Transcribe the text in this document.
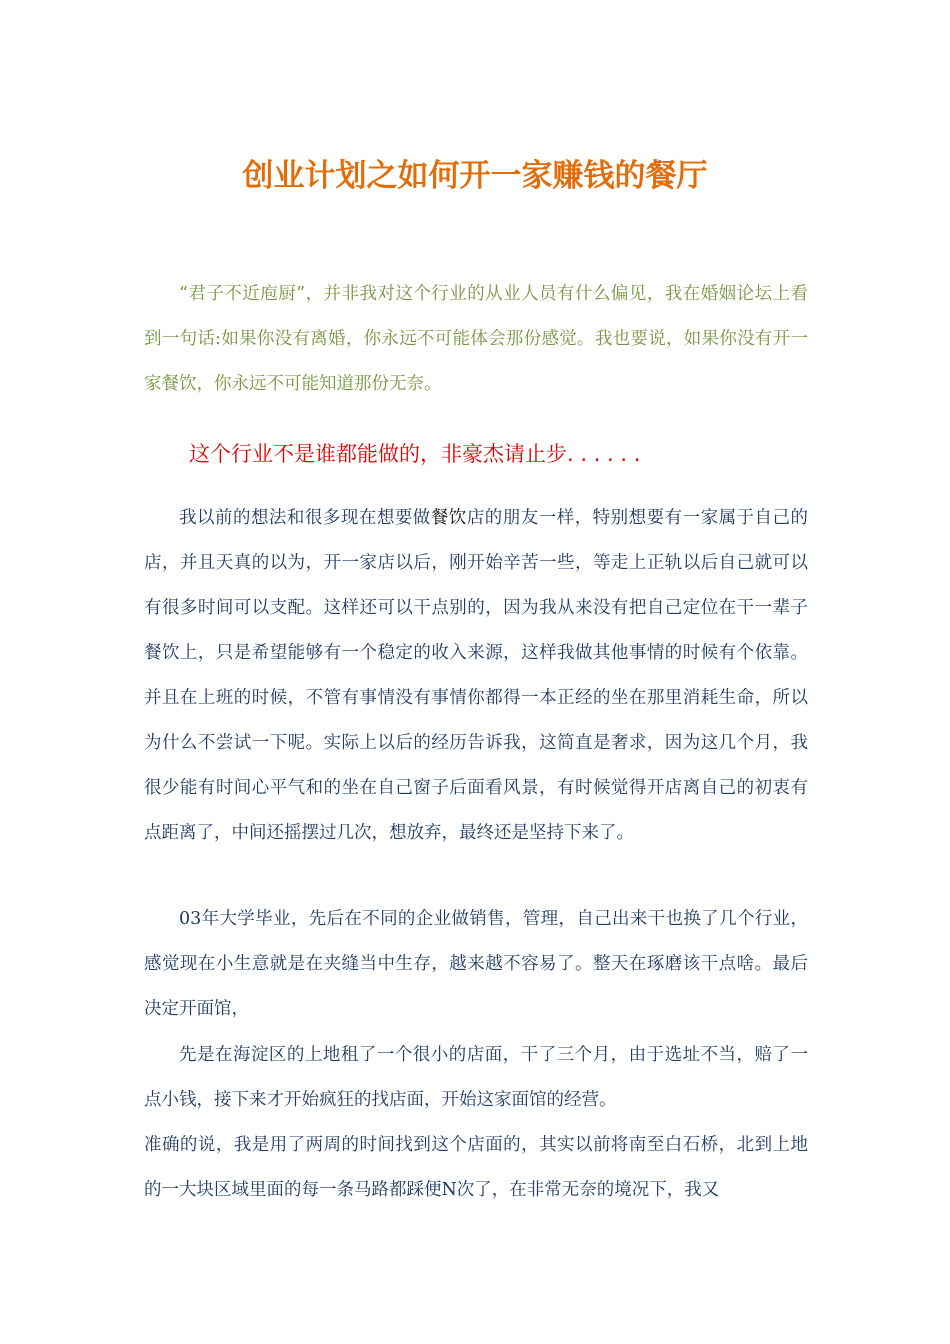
创业计划之如何开一家赚钱的餐厅

“君子不近庖厨”，并非我对这个行业的从业人员有什么偏见，我在婚姻论坛上看到一句话:如果你没有离婚，你永远不可能体会那份感觉。我也要说，如果你没有开一家餐饮，你永远不可能知道那份无奈。

这个行业不是谁都能做的，非豪杰请止步. . . . . .

我以前的想法和很多现在想要做餐饮店的朋友一样，特别想要有一家属于自己的店，并且天真的以为，开一家店以后，刚开始辛苦一些，等走上正轨以后自己就可以有很多时间可以支配。这样还可以干点别的，因为我从来没有把自己定位在干一辈子餐饮上，只是希望能够有一个稳定的收入来源，这样我做其他事情的时候有个依靠。并且在上班的时候，不管有事情没有事情你都得一本正经的坐在那里消耗生命，所以为什么不尝试一下呢。实际上以后的经历告诉我，这简直是奢求，因为这几个月，我很少能有时间心平气和的坐在自己窗子后面看风景，有时候觉得开店离自己的初衷有点距离了，中间还摇摆过几次，想放弃，最终还是坚持下来了。

03年大学毕业，先后在不同的企业做销售，管理，自己出来干也换了几个行业，感觉现在小生意就是在夹缝当中生存，越来越不容易了。整天在琢磨该干点啥。最后决定开面馆，

先是在海淀区的上地租了一个很小的店面，干了三个月，由于选址不当，赔了一点小钱，接下来才开始疯狂的找店面，开始这家面馆的经营。

准确的说，我是用了两周的时间找到这个店面的，其实以前将南至白石桥，北到上地的一大块区域里面的每一条马路都踩便N次了，在非常无奈的境况下，我又
